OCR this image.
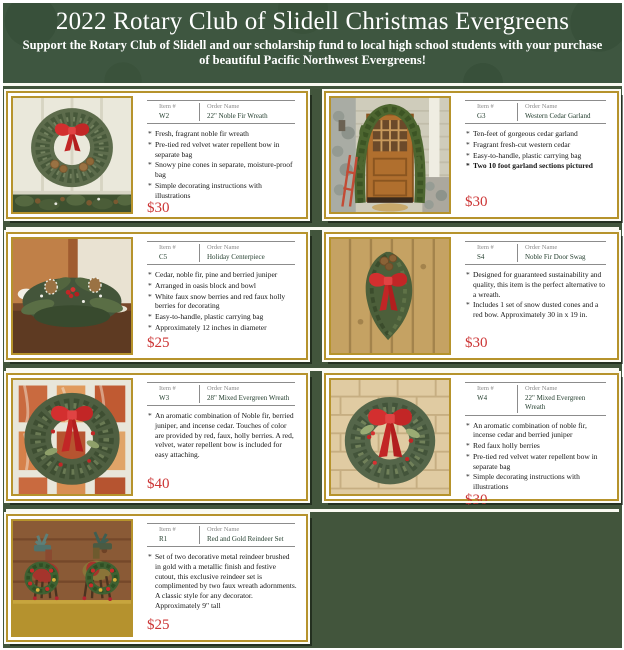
2022 Rotary Club of Slidell Christmas Evergreens
Support the Rotary Club of Slidell and our scholarship fund to local high school students with your purchase of beautiful Pacific Northwest Evergreens!
Item #	Order Name
W2	22" Noble Fir Wreath
* Fresh, fragrant noble fir wreath
* Pre-tied red velvet water repellent bow in separate bag
* Snowy pine cones in separate, moisture-proof bag
* Simple decorating instructions with illustrations
$30
Item #	Order Name
G3	Western Cedar Garland
* Ten-feet of gorgeous cedar garland
* Fragrant fresh-cut western cedar
* Easy-to-handle, plastic carrying bag
* Two 10 foot garland sections pictured
$30
Item #	Order Name
C5	Holiday Centerpiece
* Cedar, noble fir, pine and berried juniper
* Arranged in oasis block and bowl
* White faux snow berries and red faux holly berries for decorating
* Easy-to-handle, plastic carrying bag
* Approximately 12 inches in diameter
$25
Item #	Order Name
S4	Noble Fir Door Swag
* Designed for guaranteed sustainability and quality, this item is the perfect alternative to a wreath.
* Includes 1 set of snow dusted cones and a red bow. Approximately 30 in x 19 in.
$30
Item #	Order Name
W3	28" Mixed Evergreen Wreath
* An aromatic combination of Noble fir, berried juniper, and incense cedar. Touches of color are provided by red, faux, holly berries. A red, velvet, water repellent bow is included for easy attaching.
$40
Item #	Order Name
W4	22" Mixed Evergreen Wreath
* An aromatic combination of noble fir, incense cedar and berried juniper
* Red faux holly berries
* Pre-tied red velvet water repellent bow in separate bag
* Simple decorating instructions with illustrations
$30
Item #	Order Name
R1	Red and Gold Reindeer Set
* Set of two decorative metal reindeer brushed in gold with a metallic finish and festive cutout, this exclusive reindeer set is complimented by two faux wreath adornments. A classic style for any decorator. Approximately 9" tall
$25
